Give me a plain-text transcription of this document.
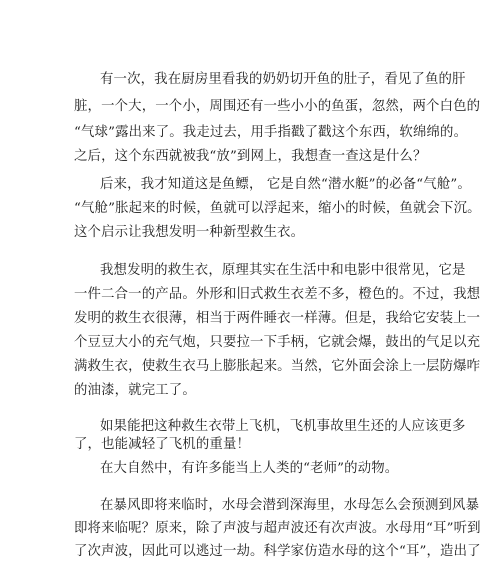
有一次，我在厨房里看我的奶奶切开鱼的肚子，看见了鱼的肝
脏，一个大，一个小，周围还有一些小小的鱼蛋，忽然，两个白色的
“气球”露出来了。我走过去，用手指戳了戳这个东西，软绵绵的。
之后，这个东西就被我“放”到网上，我想查一查这是什么？
后来，我才知道这是鱼鳔， 它是自然“潜水艇”的必备“气舱”。
“气舱”胀起来的时候，鱼就可以浮起来，缩小的时候，鱼就会下沉。
这个启示让我想发明一种新型救生衣。
我想发明的救生衣，原理其实在生活中和电影中很常见，它是
一件二合一的产品。外形和旧式救生衣差不多，橙色的。不过，我想
发明的救生衣很薄，相当于两件睡衣一样薄。但是，我给它安装上一
个豆豆大小的充气炮，只要拉一下手柄，它就会爆，鼓出的气足以充
满救生衣，使救生衣马上膨胀起来。当然，它外面会涂上一层防爆咋
的油漆，就完工了。
如果能把这种救生衣带上飞机，飞机事故里生还的人应该更多
了，也能减轻了飞机的重量！
在大自然中，有许多能当上人类的“老师”的动物。
在暴风即将来临时，水母会潜到深海里，水母怎么会预测到风暴
即将来临呢？原来，除了声波与超声波还有次声波。水母用“耳”听到
了次声波，因此可以逃过一劫。科学家仿造水母的这个“耳”，造出了
